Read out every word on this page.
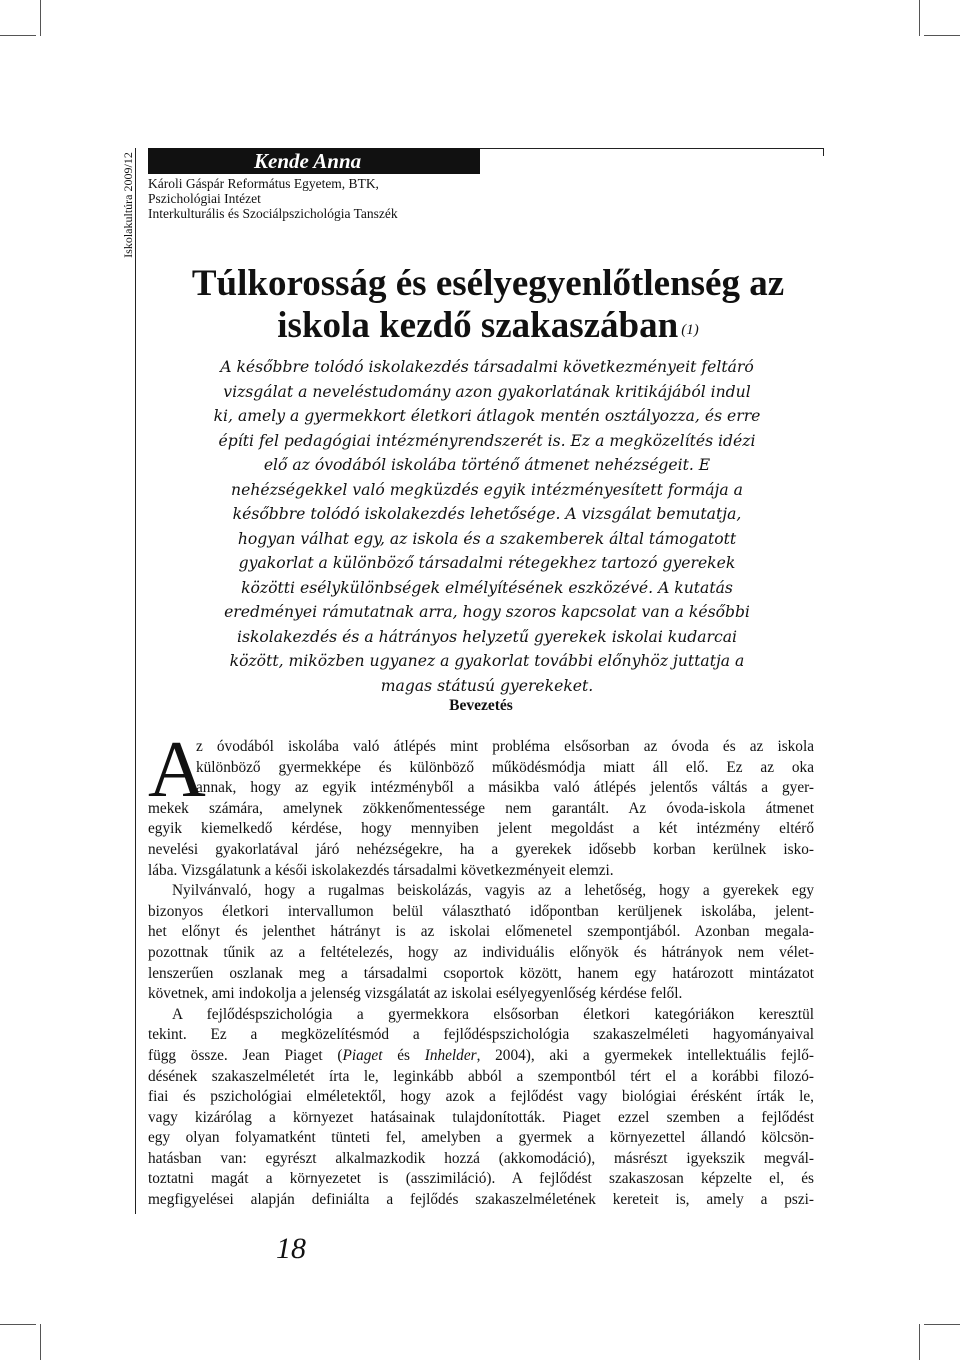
Iskolakultúra 2009/12	Kende Anna
Károli Gáspár Református Egyetem, BTK,
Pszichológiai Intézet
Interkulturális és Szociálpszichológia Tanszék
Túlkorosság és esélyegyenlőtlenség az
iskola kezdő szakaszában $^{(1)}$
A későbbre tolódó iskolakezdés társadalmi következményeit feltáró
vizsgálat a neveléstudomány azon gyakorlatának kritikájából indul
ki, amely a gyermekkort életkori átlagok mentén osztályozza, és erre
építi fel pedagógiai intézményrendszerét is. Ez a megközelítés idézi
elő az óvodából iskolába történő átmenet nehézségeit. E
nehézségekkel való megküzdés egyik intézményesített formája a
későbbre tolódó iskolakezdés lehetősége. A vizsgálat bemutatja,
hogyan válhat egy, az iskola és a szakemberek által támogatott
gyakorlat a különböző társadalmi rétegekhez tartozó gyerekek
közötti esélykülönbségek elmélyítésének eszközévé. A kutatás
eredményei rámutatnak arra, hogy szoros kapcsolat van a későbbi
iskolakezdés és a hátrányos helyzetű gyerekek iskolai kudarcai
között, miközben ugyanez a gyakorlat további előnyhöz juttatja a
magas státusú gyerekeket.
Bevezetés
A
z óvodából iskolába való átlépés mint probléma elsősorban az óvoda és az iskola
különböző gyermekképe és különböző működésmódja miatt áll elő. Ez az oka
annak, hogy az egyik intézményből a másikba való átlépés jelentős váltás a gyer-
mekek számára, amelynek zökkenőmentessége nem garantált. Az óvoda-iskola átmenet
egyik kiemelkedő kérdése, hogy mennyiben jelent megoldást a két intézmény eltérő
nevelési gyakorlatával járó nehézségekre, ha a gyerekek idősebb korban kerülnek isko-
lába. Vizsgálatunk a késői iskolakezdés társadalmi következményeit elemzi.
Nyilvánvaló, hogy a rugalmas beiskolázás, vagyis az a lehetőség, hogy a gyerekek egy
bizonyos életkori intervallumon belül választható időpontban kerüljenek iskolába, jelent-
het előnyt és jelenthet hátrányt is az iskolai előmenetel szempontjából. Azonban megala-
pozottnak tűnik az a feltételezés, hogy az individuális előnyök és hátrányok nem vélet-
lenszerűen oszlanak meg a társadalmi csoportok között, hanem egy határozott mintázatot
követnek, ami indokolja a jelenség vizsgálatát az iskolai esélyegyenlőség kérdése felől.
A fejlődéspszichológia a gyermekkora elsősorban életkori kategóriákon keresztül
tekint. Ez a megközelítésmód a fejlődéspszichológia szakaszelméleti hagyományaival
függ össze. Jean Piaget (Piaget és Inhelder, 2004), aki a gyermekek intellektuális fejlő-
désének szakaszelméletét írta le, leginkább abból a szempontból tért el a korábbi filozó-
fiai és pszichológiai elméletektől, hogy azok a fejlődést vagy biológiai érésként írták le,
vagy kizárólag a környezet hatásainak tulajdonították. Piaget ezzel szemben a fejlődést
egy olyan folyamatként tünteti fel, amelyben a gyermek a környezettel állandó kölcsön-
hatásban van: egyrészt alkalmazkodik hozzá (akkomodáció), másrészt igyekszik megvál-
toztatni magát a környezetet is (asszimiláció). A fejlődést szakaszosan képzelte el, és
megfigyelései alapján definiálta a fejlődés szakaszelméletének kereteit is, amely a pszi-
18
